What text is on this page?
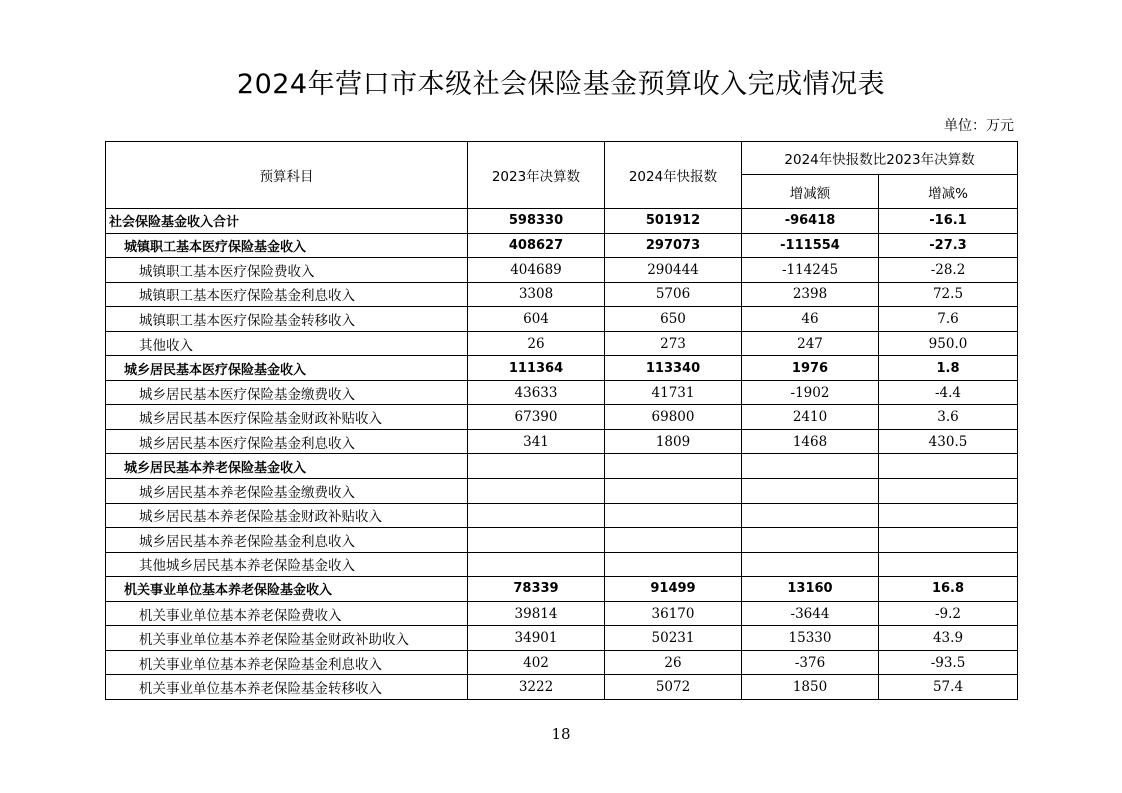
2024年营口市本级社会保险基金预算收入完成情况表
单位：万元
预算科目	2023年决算数	2024年快报数	2024年快报数比2023年决算数	
			增减额	增减%
社会保险基金收入合计	598330	501912	-96418	-16.1
城镇职工基本医疗保险基金收入	408627	297073	-111554	-27.3
城镇职工基本医疗保险费收入	404689	290444	-114245	-28.2
城镇职工基本医疗保险基金利息收入	3308	5706	2398	72.5
城镇职工基本医疗保险基金转移收入	604	650	46	7.6
其他收入	26	273	247	950.0
城乡居民基本医疗保险基金收入	111364	113340	1976	1.8
城乡居民基本医疗保险基金缴费收入	43633	41731	-1902	-4.4
城乡居民基本医疗保险基金财政补贴收入	67390	69800	2410	3.6
城乡居民基本医疗保险基金利息收入	341	1809	1468	430.5
城乡居民基本养老保险基金收入				
城乡居民基本养老保险基金缴费收入				
城乡居民基本养老保险基金财政补贴收入				
城乡居民基本养老保险基金利息收入				
其他城乡居民基本养老保险基金收入				
机关事业单位基本养老保险基金收入	78339	91499	13160	16.8
机关事业单位基本养老保险费收入	39814	36170	-3644	-9.2
机关事业单位基本养老保险基金财政补助收入	34901	50231	15330	43.9
机关事业单位基本养老保险基金利息收入	402	26	-376	-93.5
机关事业单位基本养老保险基金转移收入	3222	5072	1850	57.4
18
